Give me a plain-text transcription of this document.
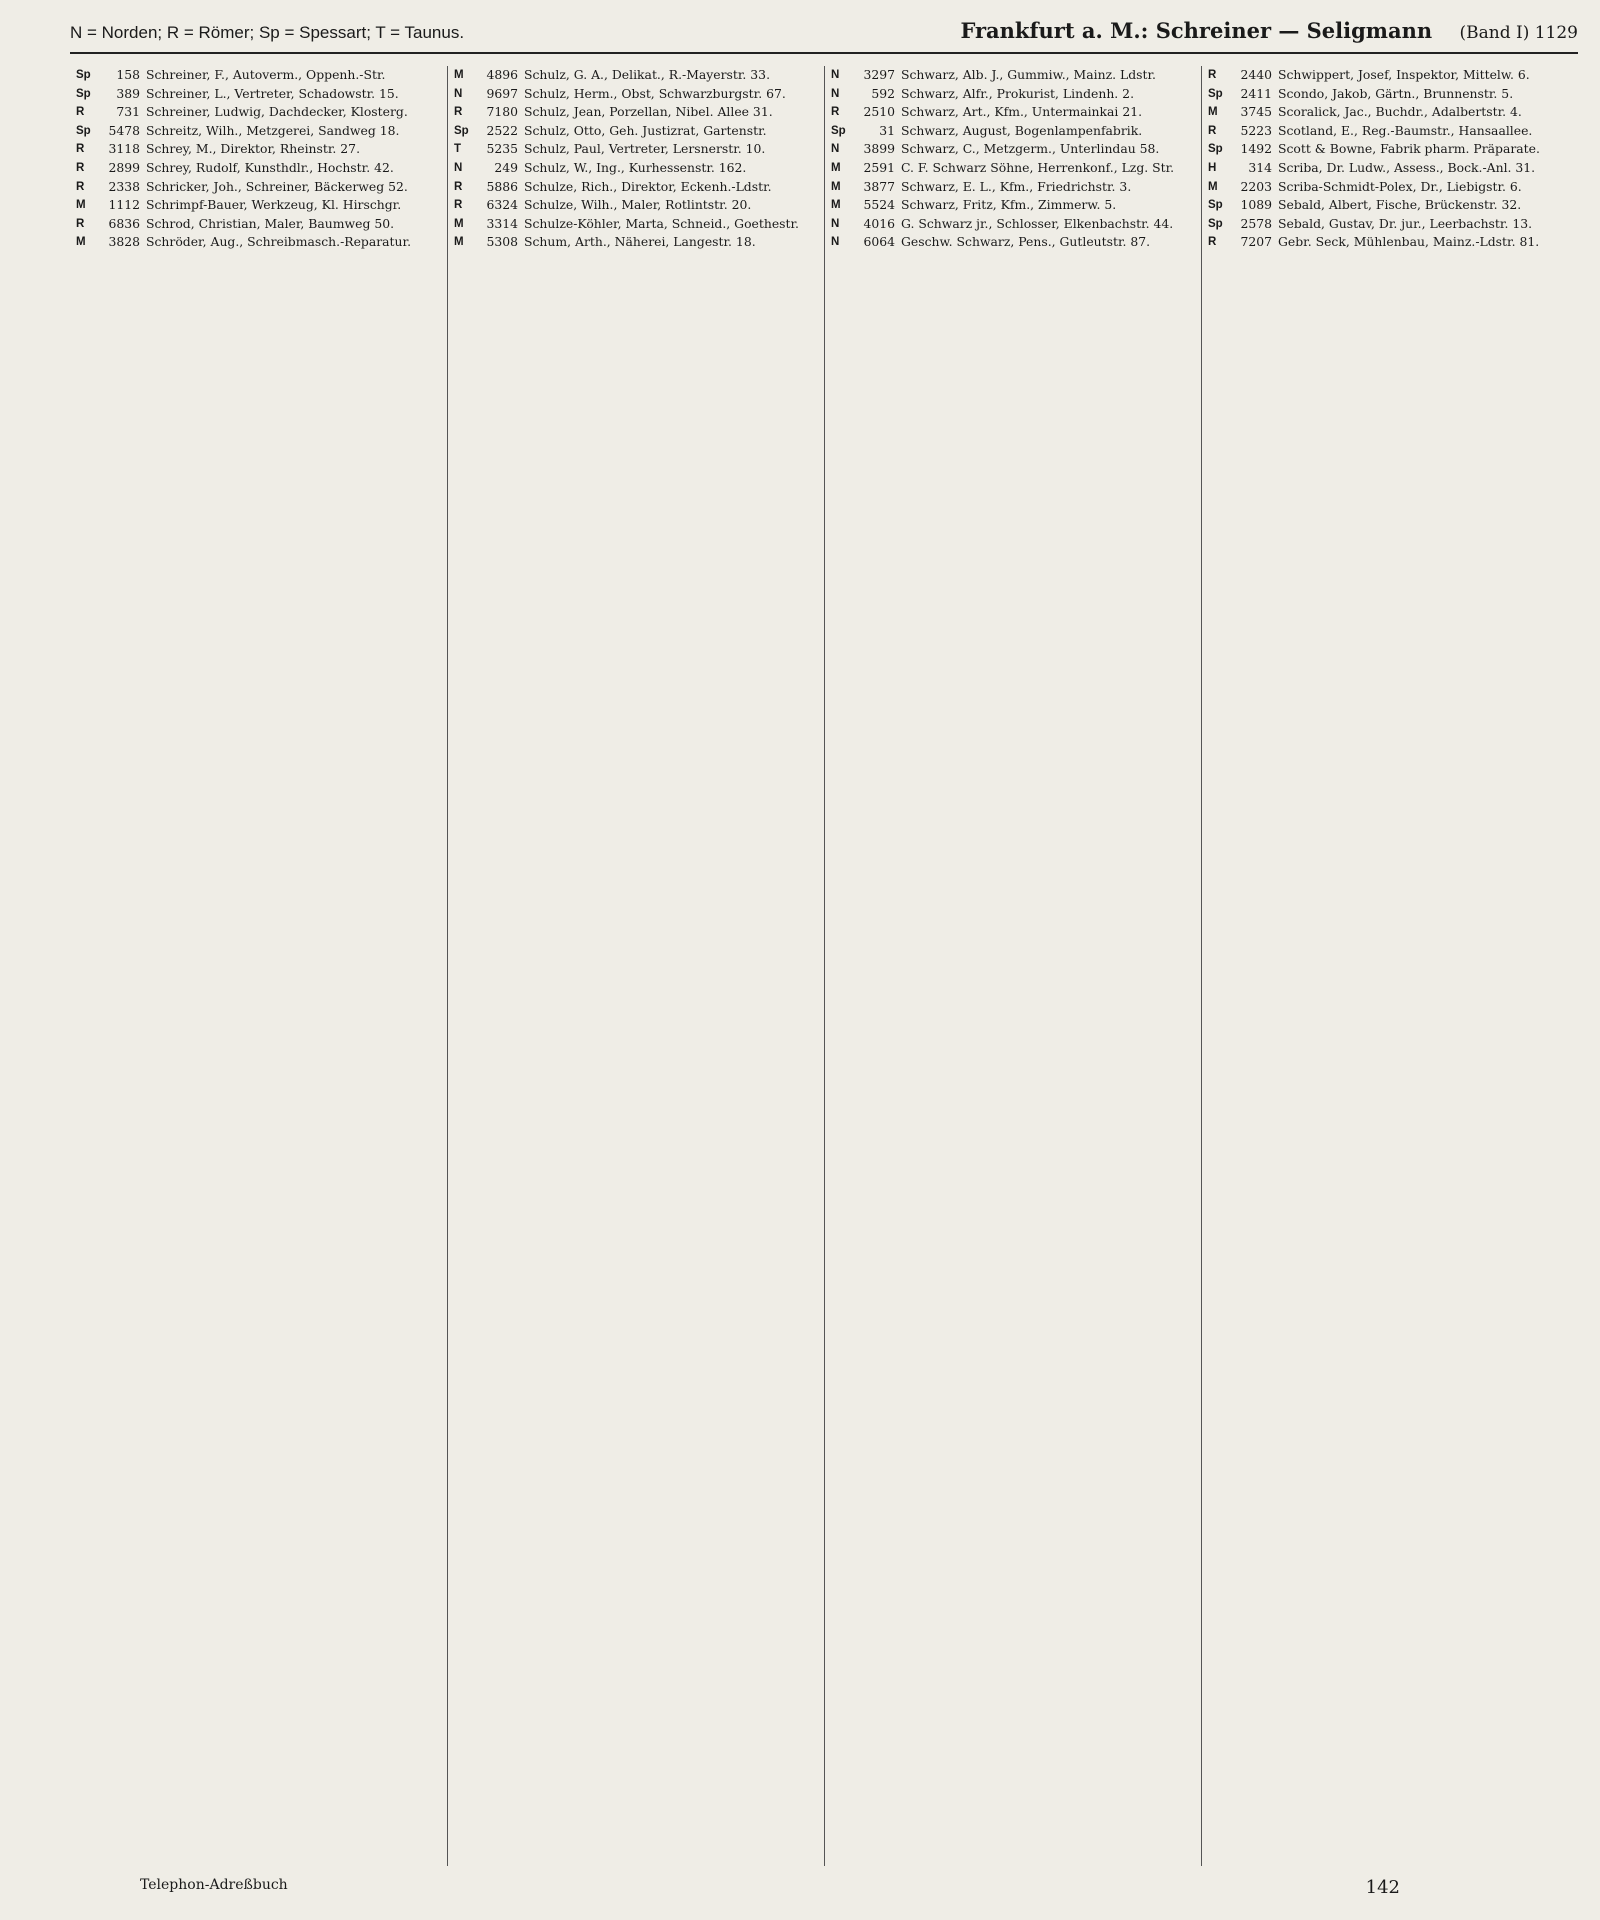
N = Norden; R = Römer; Sp = Spessart; T = Taunus.	Frankfurt a. M.: Schreiner — Seligmann (Band I) 1129
Sp	158 Schreiner, F., Autoverm., Oppenh.-Str.
Sp	389 Schreiner, L., Vertreter, Schadowstr. 15.
R	731 Schreiner, Ludwig, Dachdecker, Klosterg.
Sp	5478 Schreitz, Wilh., Metzgerei, Sandweg 18.
R	3118 Schrey, M., Direktor, Rheinstr. 27.
R	2899 Schrey, Rudolf, Kunsthdlr., Hochstr. 42.
R	2338 Schricker, Joh., Schreiner, Bäckerweg 52.
M	1112 Schrimpf-Bauer, Werkzeug, Kl. Hirschgr.
R	6836 Schrod, Christian, Maler, Baumweg 50.
M	3828 Schröder, Aug., Schreibmasch.-Reparatur.
M	4896 Schulz, G. A., Delikat., R.-Mayerstr. 33.
N	9697 Schulz, Herm., Obst, Schwarzburgstr. 67.
R	7180 Schulz, Jean, Porzellan, Nibel. Allee 31.
Sp	2522 Schulz, Otto, Geh. Justizrat, Gartenstr.
T	5235 Schulz, Paul, Vertreter, Lersnerstr. 10.
N	249 Schulz, W., Ing., Kurhessenstr. 162.
R	5886 Schulze, Rich., Direktor, Eckenh.-Ldstr.
R	6324 Schulze, Wilh., Maler, Rotlintstr. 20.
M	3314 Schulze-Köhler, Marta, Schneid., Goethestr.
M	5308 Schum, Arth., Näherei, Langestr. 18.
N	3297 Schwarz, Alb. J., Gummiw., Mainz. Ldstr.
N	592 Schwarz, Alfr., Prokurist, Lindenh. 2.
R	2510 Schwarz, Art., Kfm., Untermainkai 21.
Sp	31 Schwarz, August, Bogenlampenfabrik.
N	3899 Schwarz, C., Metzgerm., Unterlindau 58.
M	2591 C. F. Schwarz Söhne, Herrenkonf., Lzg. Str.
M	3877 Schwarz, E. L., Kfm., Friedrichstr. 3.
M	5524 Schwarz, Fritz, Kfm., Zimmerw. 5.
N	4016 G. Schwarz jr., Schlosser, Elkenbachstr. 44.
N	6064 Geschw. Schwarz, Pens., Gutleutstr. 87.
R	2440 Schwippert, Josef, Inspektor, Mittelw. 6.
Sp	2411 Scondo, Jakob, Gärtn., Brunnenstr. 5.
M	3745 Scoralick, Jac., Buchdr., Adalbertstr. 4.
R	5223 Scotland, E., Reg.-Baumstr., Hansaallee.
Sp	1492 Scott & Bowne, Fabrik pharm. Präparate.
H	314 Scriba, Dr. Ludw., Assess., Bock.-Anl. 31.
M	2203 Scriba-Schmidt-Polex, Dr., Liebigstr. 6.
Sp	1089 Sebald, Albert, Fische, Brückenstr. 32.
Sp	2578 Sebald, Gustav, Dr. jur., Leerbachstr. 13.
R	7207 Gebr. Seck, Mühlenbau, Mainz.-Ldstr. 81.
Telephon-Adreßbuch	142
